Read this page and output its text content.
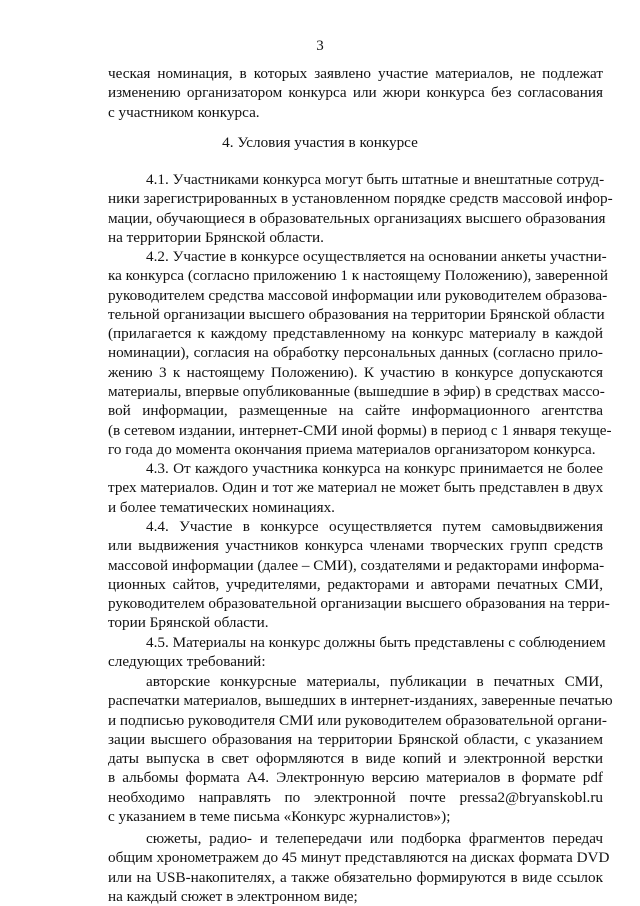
3
ческая номинация, в которых заявлено участие материалов, не подлежат
изменению организатором конкурса или жюри конкурса без согласования
с участником конкурса.
4. Условия участия в конкурсе
4.1. Участниками конкурса могут быть штатные и внештатные сотруд-
ники зарегистрированных в установленном порядке средств массовой инфор-
мации, обучающиеся в образовательных организациях высшего образования
на территории Брянской области.
4.2. Участие в конкурсе осуществляется на основании анкеты участни-
ка конкурса (согласно приложению 1 к настоящему Положению), заверенной
руководителем средства массовой информации или руководителем образова-
тельной организации высшего образования на территории Брянской области
(прилагается к каждому представленному на конкурс материалу в каждой
номинации), согласия на обработку персональных данных (согласно прило-
жению 3 к настоящему Положению). К участию в конкурсе допускаются
материалы, впервые опубликованные (вышедшие в эфир) в средствах массо-
вой информации, размещенные на сайте информационного агентства
(в сетевом издании, интернет-СМИ иной формы) в период с 1 января текуще-
го года до момента окончания приема материалов организатором конкурса.
4.3. От каждого участника конкурса на конкурс принимается не более
трех материалов. Один и тот же материал не может быть представлен в двух
и более тематических номинациях.
4.4. Участие в конкурсе осуществляется путем самовыдвижения
или выдвижения участников конкурса членами творческих групп средств
массовой информации (далее – СМИ), создателями и редакторами информа-
ционных сайтов, учредителями, редакторами и авторами печатных СМИ,
руководителем образовательной организации высшего образования на терри-
тории Брянской области.
4.5. Материалы на конкурс должны быть представлены с соблюдением
следующих требований:
авторские конкурсные материалы, публикации в печатных СМИ,
распечатки материалов, вышедших в интернет-изданиях, заверенные печатью
и подписью руководителя СМИ или руководителем образовательной органи-
зации высшего образования на территории Брянской области, с указанием
даты выпуска в свет оформляются в виде копий и электронной верстки
в альбомы формата А4. Электронную версию материалов в формате pdf
необходимо направлять по электронной почте pressa2@bryanskobl.ru
с указанием в теме письма «Конкурс журналистов»);
сюжеты, радио- и телепередачи или подборка фрагментов передач
общим хронометражем до 45 минут представляются на дисках формата DVD
или на USB-накопителях, а также обязательно формируются в виде ссылок
на каждый сюжет в электронном виде;
